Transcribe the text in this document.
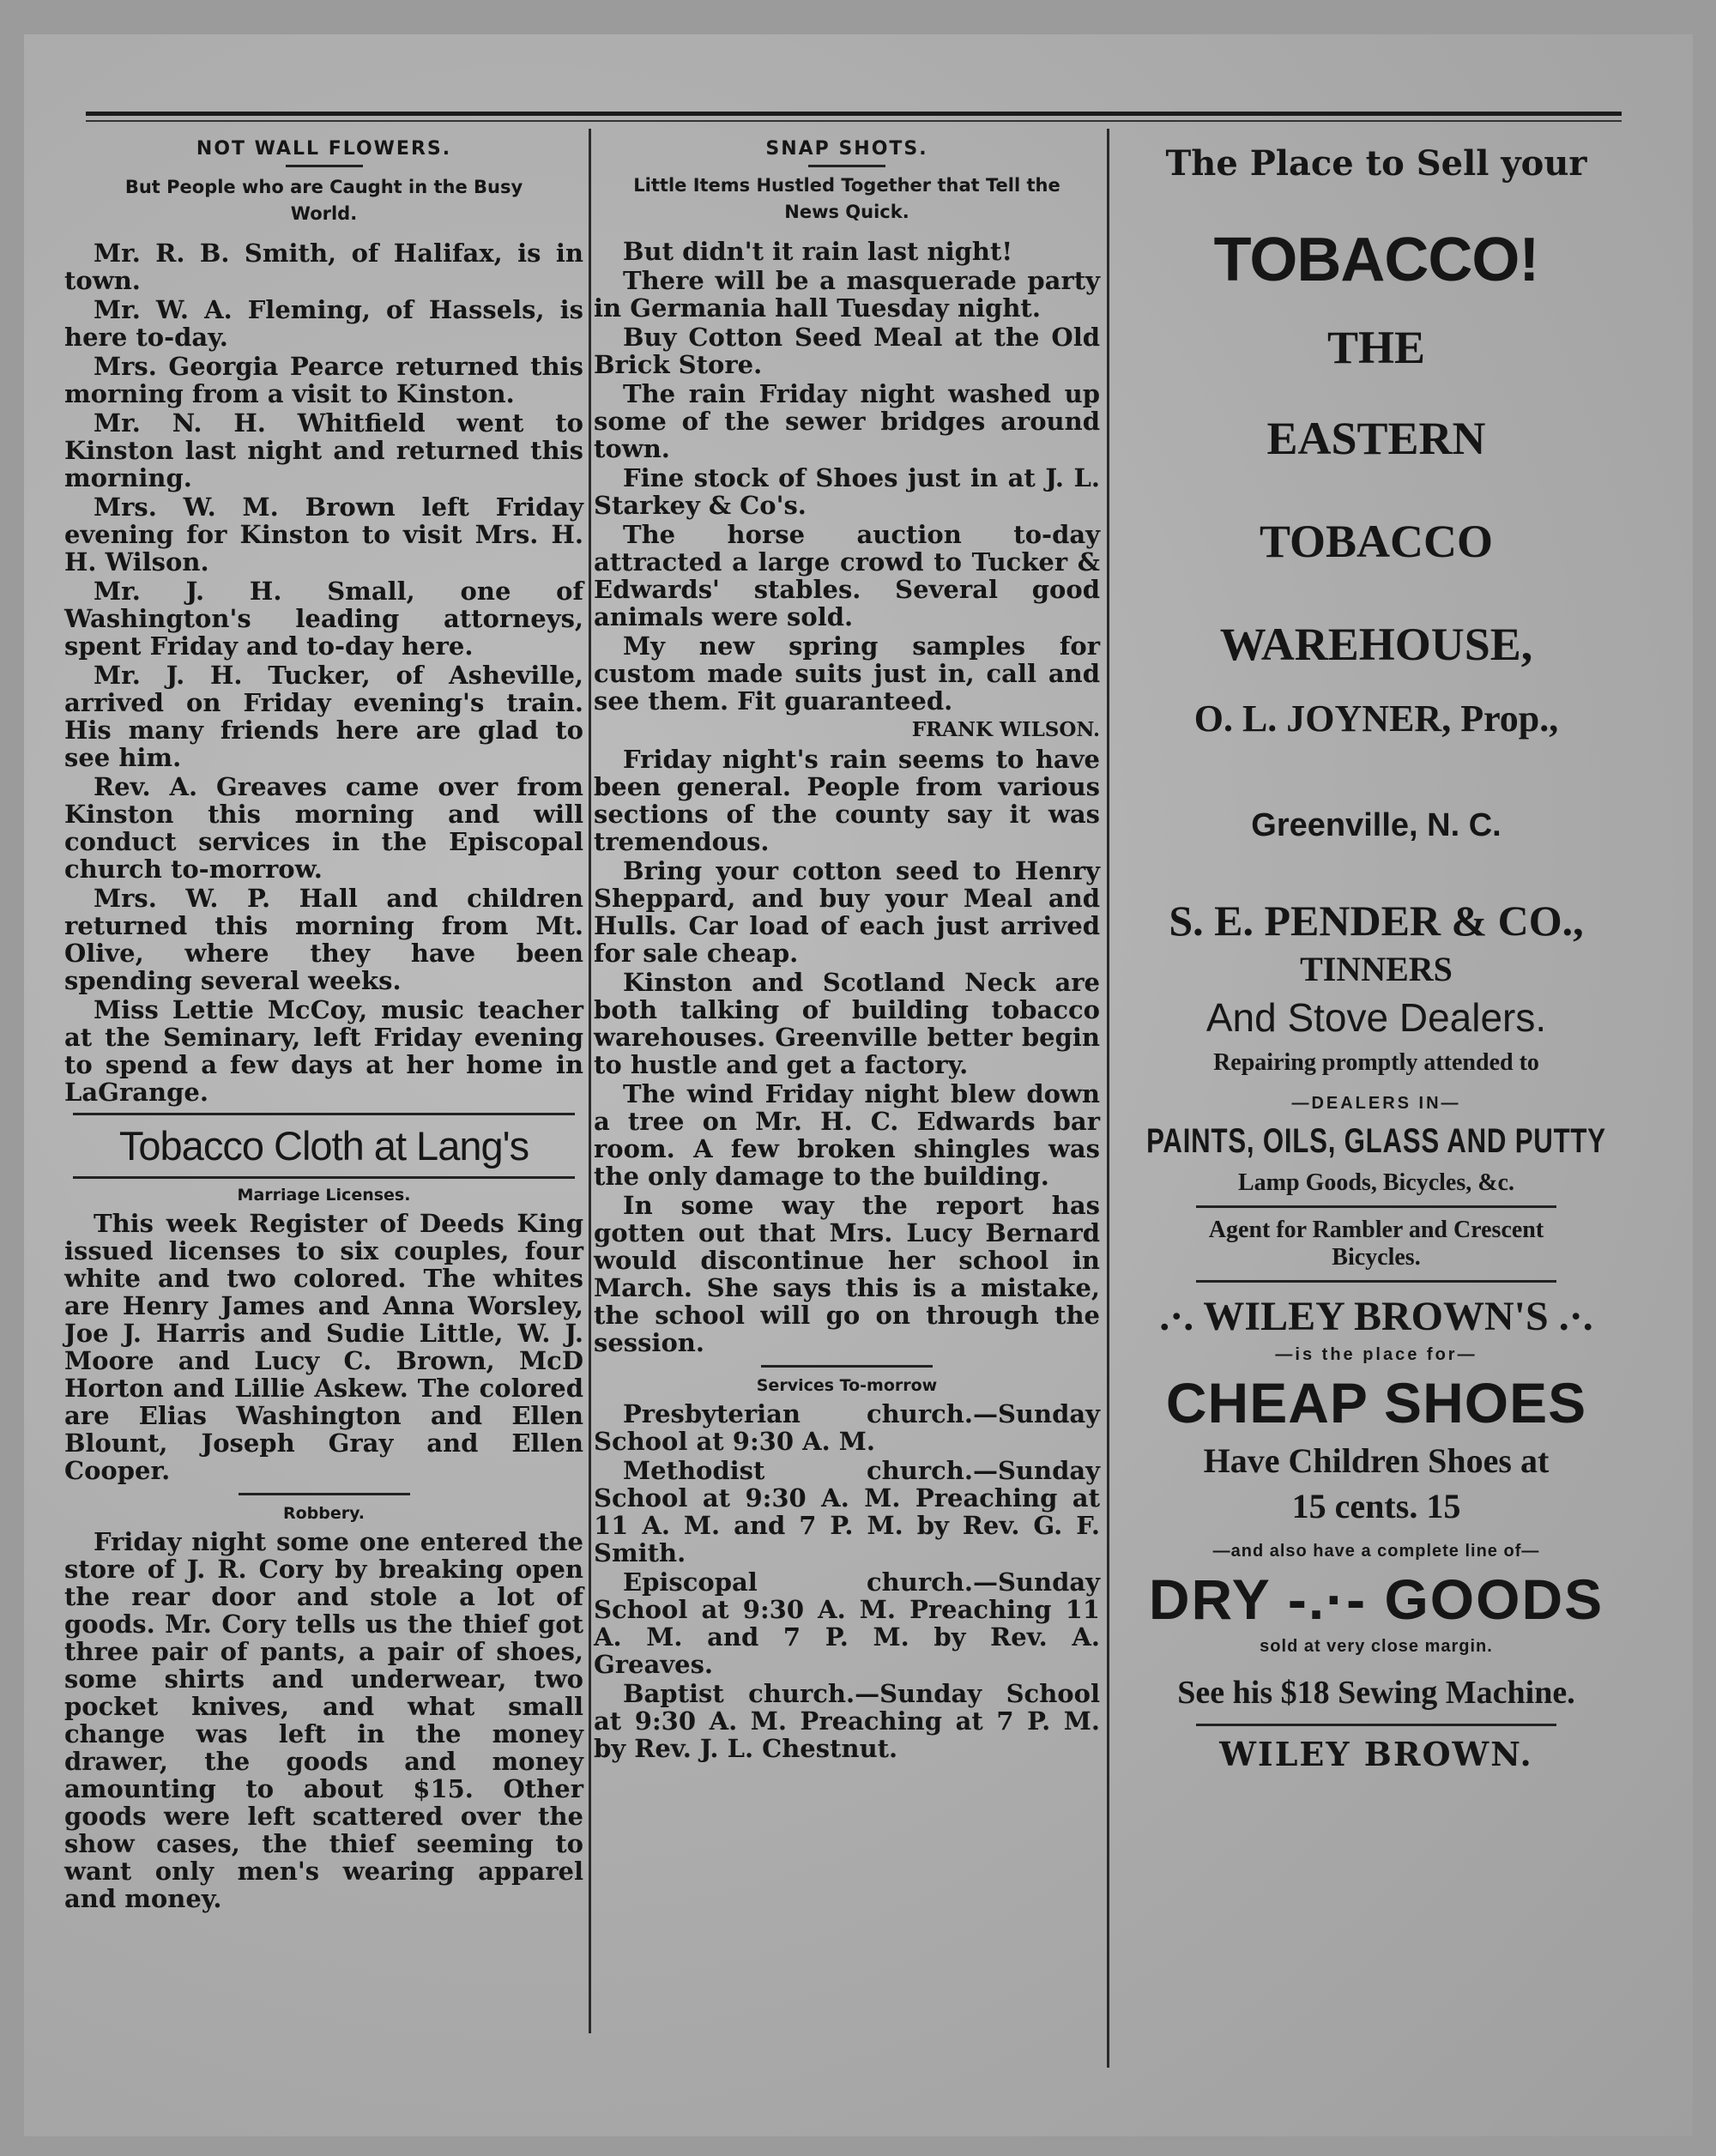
NOT WALL FLOWERS.
But People who are Caught in the Busy World.
Mr. R. B. Smith, of Halifax, is in town.
Mr. W. A. Fleming, of Hassels, is here to-day.
Mrs. Georgia Pearce returned this morning from a visit to Kinston.
Mr. N. H. Whitfield went to Kinston last night and returned this morning.
Mrs. W. M. Brown left Friday evening for Kinston to visit Mrs. H. H. Wilson.
Mr. J. H. Small, one of Washington's leading attorneys, spent Friday and to-day here.
Mr. J. H. Tucker, of Asheville, arrived on Friday evening's train. His many friends here are glad to see him.
Rev. A. Greaves came over from Kinston this morning and will conduct services in the Episcopal church to-morrow.
Mrs. W. P. Hall and children returned this morning from Mt. Olive, where they have been spending several weeks.
Miss Lettie McCoy, music teacher at the Seminary, left Friday evening to spend a few days at her home in LaGrange.
Tobacco Cloth at Lang's
Marriage Licenses.
This week Register of Deeds King issued licenses to six couples, four white and two colored. The whites are Henry James and Anna Worsley, Joe J. Harris and Sudie Little, W. J. Moore and Lucy C. Brown, McD Horton and Lillie Askew. The colored are Elias Washington and Ellen Blount, Joseph Gray and Ellen Cooper.
Robbery.
Friday night some one entered the store of J. R. Cory by breaking open the rear door and stole a lot of goods. Mr. Cory tells us the thief got three pair of pants, a pair of shoes, some shirts and underwear, two pocket knives, and what small change was left in the money drawer, the goods and money amounting to about $15. Other goods were left scattered over the show cases, the thief seeming to want only men's wearing apparel and money.
SNAP SHOTS.
Little Items Hustled Together that Tell the News Quick.
But didn't it rain last night!
There will be a masquerade party in Germania hall Tuesday night.
Buy Cotton Seed Meal at the Old Brick Store.
The rain Friday night washed up some of the sewer bridges around town.
Fine stock of Shoes just in at J. L. Starkey & Co's.
The horse auction to-day attracted a large crowd to Tucker & Edwards' stables. Several good animals were sold.
My new spring samples for custom made suits just in, call and see them. Fit guaranteed.
FRANK WILSON.
Friday night's rain seems to have been general. People from various sections of the county say it was tremendous.
Bring your cotton seed to Henry Sheppard, and buy your Meal and Hulls. Car load of each just arrived for sale cheap.
Kinston and Scotland Neck are both talking of building tobacco warehouses. Greenville better begin to hustle and get a factory.
The wind Friday night blew down a tree on Mr. H. C. Edwards bar room. A few broken shingles was the only damage to the building.
In some way the report has gotten out that Mrs. Lucy Bernard would discontinue her school in March. She says this is a mistake, the school will go on through the session.
Services To-morrow
Presbyterian church.—Sunday School at 9:30 A. M.
Methodist church.—Sunday School at 9:30 A. M. Preaching at 11 A. M. and 7 P. M. by Rev. G. F. Smith.
Episcopal church.—Sunday School at 9:30 A. M. Preaching 11 A. M. and 7 P. M. by Rev. A. Greaves.
Baptist church.—Sunday School at 9:30 A. M. Preaching at 7 P. M. by Rev. J. L. Chestnut.
The Place to Sell your
TOBACCO!
THE
EASTERN
TOBACCO
WAREHOUSE,
O. L. JOYNER, Prop.,
Greenville, N. C.
S. E. PENDER & CO.,
TINNERS
And Stove Dealers.
Repairing promptly attended to
—DEALERS IN—
PAINTS, OILS, GLASS AND PUTTY
Lamp Goods, Bicycles, &c.
Agent for Rambler and Crescent Bicycles.
.·. WILEY BROWN'S .·.
—is the place for—
CHEAP SHOES
Have Children Shoes at
15 cents. 15
—and also have a complete line of—
DRY -.·- GOODS
sold at very close margin.
See his $18 Sewing Machine.
WILEY BROWN.
